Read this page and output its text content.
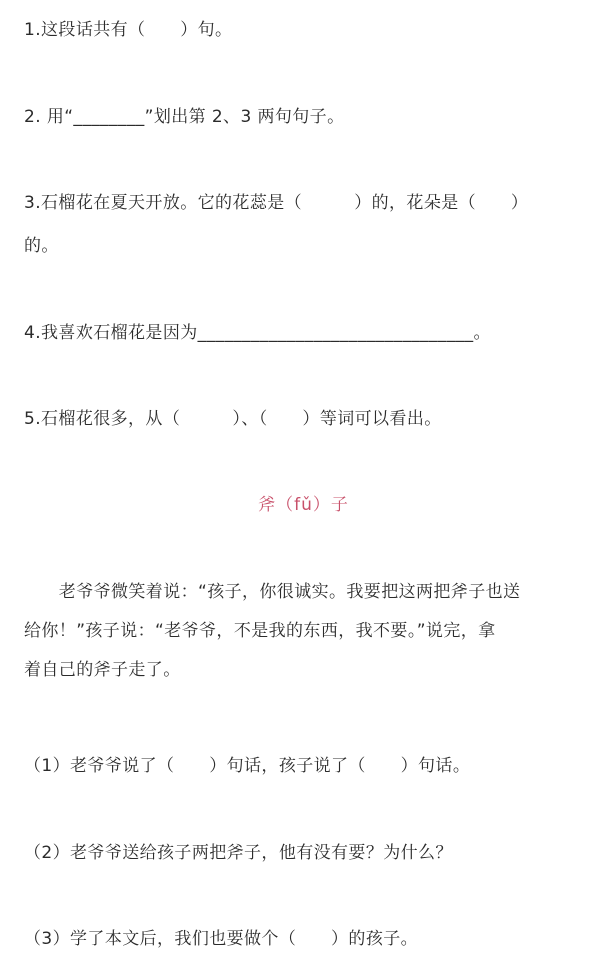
1.这段话共有（　　）句。
2. 用“________”划出第 2、3 两句句子。
3.石榴花在夏天开放。它的花蕊是（　　　）的，花朵是（　　）
的。
4.我喜欢石榴花是因为_______________________________。
5.石榴花很多，从（　　　）、（　　）等词可以看出。
斧（fǔ）子
　　老爷爷微笑着说：“孩子，你很诚实。我要把这两把斧子也送
给你！”孩子说：“老爷爷，不是我的东西，我不要。”说完，拿
着自己的斧子走了。
（1）老爷爷说了（　　）句话，孩子说了（　　）句话。
（2）老爷爷送给孩子两把斧子，他有没有要？为什么？
（3）学了本文后，我们也要做个（　　）的孩子。
